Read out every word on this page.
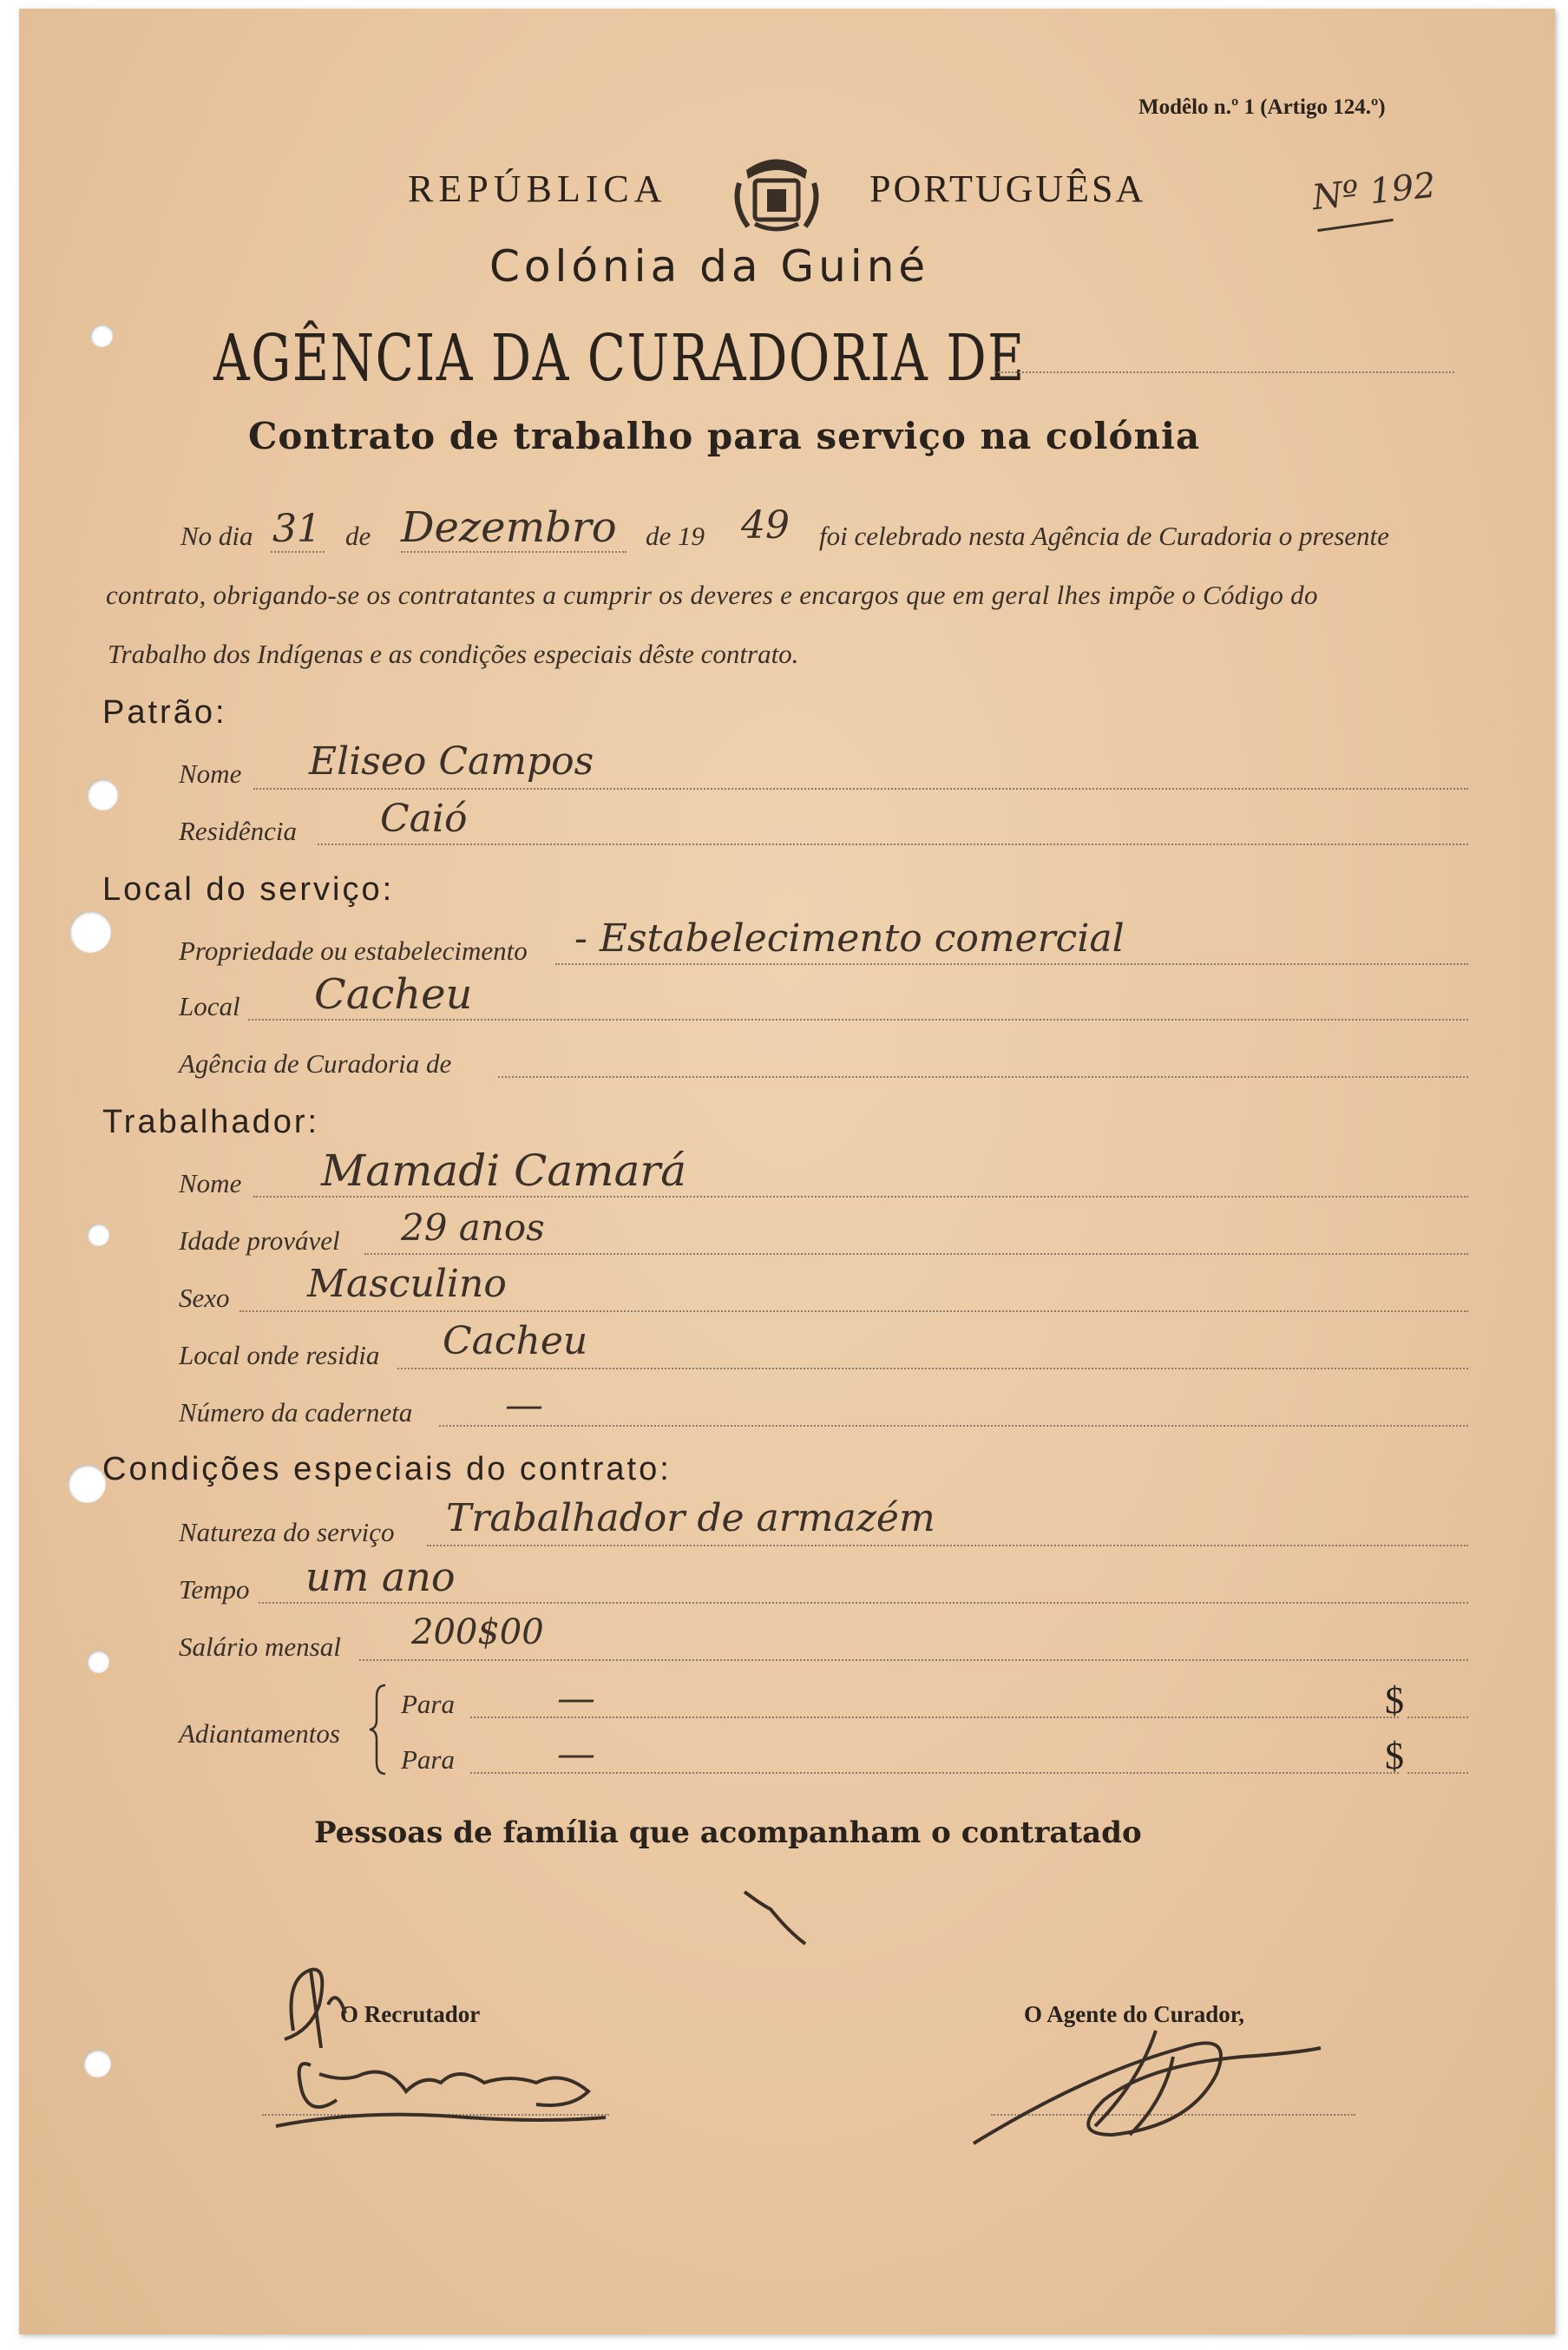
Modêlo n.º 1 (Artigo 124.º)
Nº 192
REPÚBLICA	PORTUGUÊSA
Colónia da Guiné
AGÊNCIA DA CURADORIA DE
Contrato de trabalho para serviço na colónia
No dia 31 de Dezembro de 19 49 foi celebrado nesta Agência de Curadoria o presente
contrato, obrigando-se os contratantes a cumprir os deveres e encargos que em geral lhes impõe o Código do
Trabalho dos Indígenas e as condições especiais dêste contrato.
Patrão:
Nome Eliseo Campos
Residência Caió
Local do serviço:
Propriedade ou estabelecimento - Estabelecimento comercial
Local Cacheu
Agência de Curadoria de
Trabalhador:
Nome Mamadi Camará
Idade provável 29 anos
Sexo Masculino
Local onde residia Cacheu
Número da caderneta —
Condições especiais do contrato:
Natureza do serviço Trabalhador de armazém
Tempo um ano
Salário mensal 200$00
Adiantamentos
Para	—	$
Para	—	$
Pessoas de família que acompanham o contratado
O Recrutador	O Agente do Curador,
